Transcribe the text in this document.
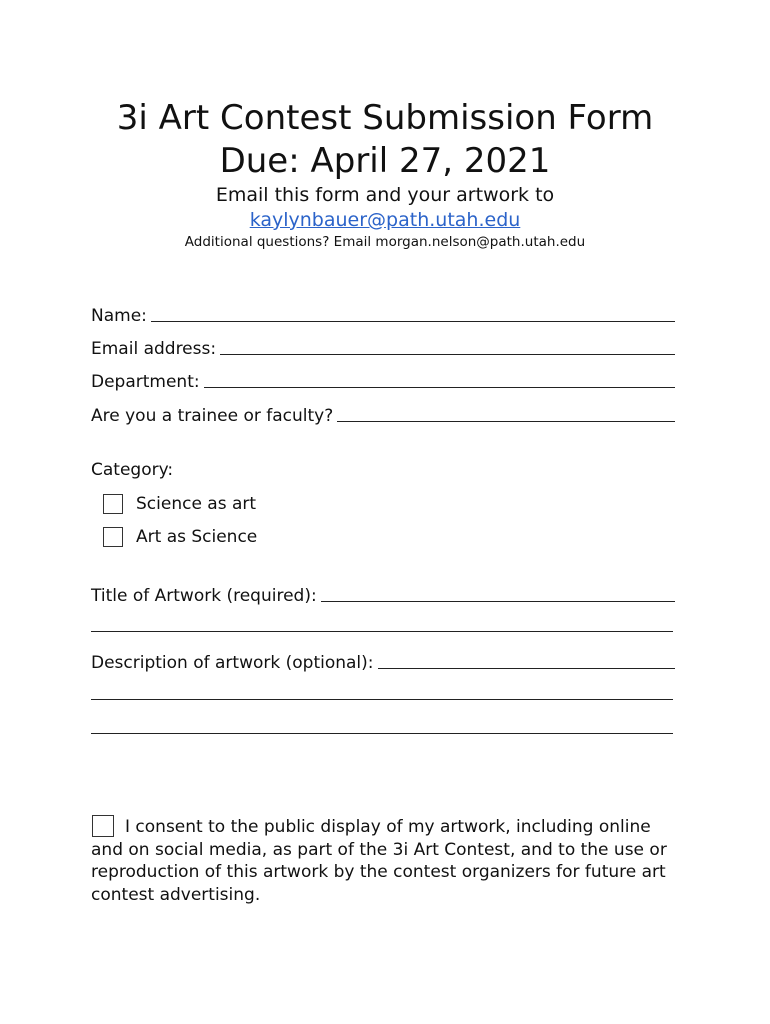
3i Art Contest Submission Form
Due: April 27, 2021
Email this form and your artwork to
kaylynbauer@path.utah.edu
Additional questions? Email morgan.nelson@path.utah.edu
Name:
Email address:
Department:
Are you a trainee or faculty?
Category:
Science as art
Art as Science
Title of Artwork (required):
Description of artwork (optional):
I consent to the public display of my artwork, including online and on social media, as part of the 3i Art Contest, and to the use or reproduction of this artwork by the contest organizers for future art contest advertising.
